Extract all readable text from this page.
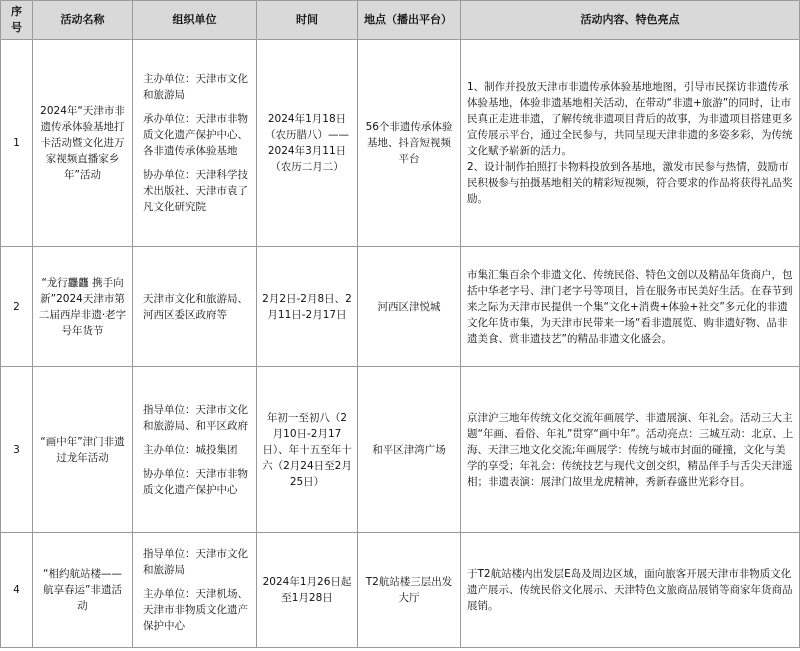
序号	活动名称	组织单位	时间	地点（播出平台）	活动内容、特色亮点
1	2024年“天津市非遗传承体验基地打卡活动暨文化进万家视频直播家乡年”活动	主办单位：天津市文化和旅游局
承办单位：天津市非物质文化遗产保护中心、各非遗传承体验基地
协办单位：天津科学技术出版社、天津市袁了凡文化研究院	2024年1月18日（农历腊八）——2024年3月11日（农历二月二）	56个非遗传承体验基地、抖音短视频平台	1、制作并投放天津市非遗传承体验基地地图，引导市民探访非遗传承体验基地，体验非遗基地相关活动，在带动“非遗+旅游”的同时，让市民真正走进非遗，了解传统非遗项目背后的故事，为非遗项目搭建更多宣传展示平台，通过全民参与，共同呈现天津非遗的多姿多彩，为传统文化赋予崭新的活力。
2、设计制作拍照打卡物料投放到各基地，激发市民参与热情，鼓励市民积极参与拍摄基地相关的精彩短视频，符合要求的作品将获得礼品奖励。

2	“龙行龘龘 携手向新”2024天津市第二届西岸非遗·老字号年货节	天津市文化和旅游局、河西区委区政府等	2月2日-2月8日、2月11日-2月17日	河西区津悦城	市集汇集百余个非遗文化、传统民俗、特色文创以及精品年货商户，包括中华老字号、津门老字号等项目，旨在服务市民美好生活。在春节到来之际为天津市民提供一个集“文化+消费+体验+社交”多元化的非遗文化年货市集，为天津市民带来一场“看非遗展览、购非遗好物、品非遗美食、赏非遗技艺”的精品非遗文化盛会。

3	“画中年”津门非遗过龙年活动	指导单位：天津市文化和旅游局、和平区政府
主办单位：城投集团
协办单位：天津市非物质文化遗产保护中心	年初一至初八（2月10日-2月17日）、年十五至年十六（2月24日至2月25日）	和平区津湾广场	京津沪三地年传统文化交流年画展学、非遗展演、年礼会。活动三大主题“年画、看俗、年礼”贯穿“画中年”。活动亮点：三城互动：北京、上海、天津三地文化交流;年画展学：传统与城市封面的碰撞，文化与美学的享受；年礼会：传统技艺与现代文创交织，精品伴手与舌尖天津遥相；非遗表演：展津门故里龙虎精神，秀新春盛世光彩夺目。

4	“相约航站楼——航享春运”非遗活动	指导单位：天津市文化和旅游局
主办单位：天津机场、天津市非物质文化遗产保护中心	2024年1月26日起至1月28日	T2航站楼三层出发大厅	于T2航站楼内出发层E岛及周边区域，面向旅客开展天津市非物质文化遗产展示、传统民俗文化展示、天津特色文旅商品展销等商家年货商品展销。
